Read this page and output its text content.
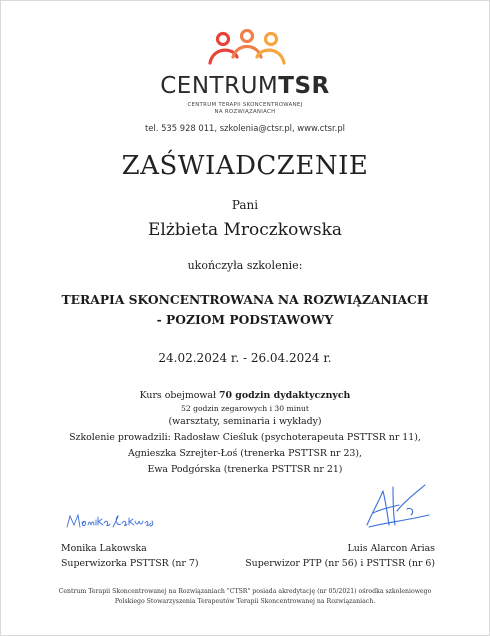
CENTRUMTSR
CENTRUM TERAPII SKONCENTROWANEJ
NA ROZWIĄZANIACH
tel. 535 928 011, szkolenia@ctsr.pl, www.ctsr.pl
ZAŚWIADCZENIE
Pani
Elżbieta Mroczkowska
ukończyła szkolenie:
TERAPIA SKONCENTROWANA NA ROZWIĄZANIACH
- POZIOM PODSTAWOWY
24.02.2024 r. - 26.04.2024 r.
Kurs obejmował 70 godzin dydaktycznych
52 godzin zegarowych i 30 minut
(warsztaty, seminaria i wykłady)
Szkolenie prowadzili: Radosław Cieśluk (psychoterapeuta PSTTSR nr 11),
Agnieszka Szrejter-Łoś (trenerka PSTTSR nr 23),
Ewa Podgórska (trenerka PSTTSR nr 21)
Monika Lakowska
Superwizorka PSTTSR (nr 7)
Luis Alarcon Arias
Superwizor PTP (nr 56) i PSTTSR (nr 6)
Centrum Terapii Skoncentrowanej na Rozwiązaniach "CTSR" posiada akredytację (nr 05/2021) ośrodka szkoleniowego
Polskiego Stowarzyszenia Terapeutów Terapii Skoncentrowanej na Rozwiązaniach.
